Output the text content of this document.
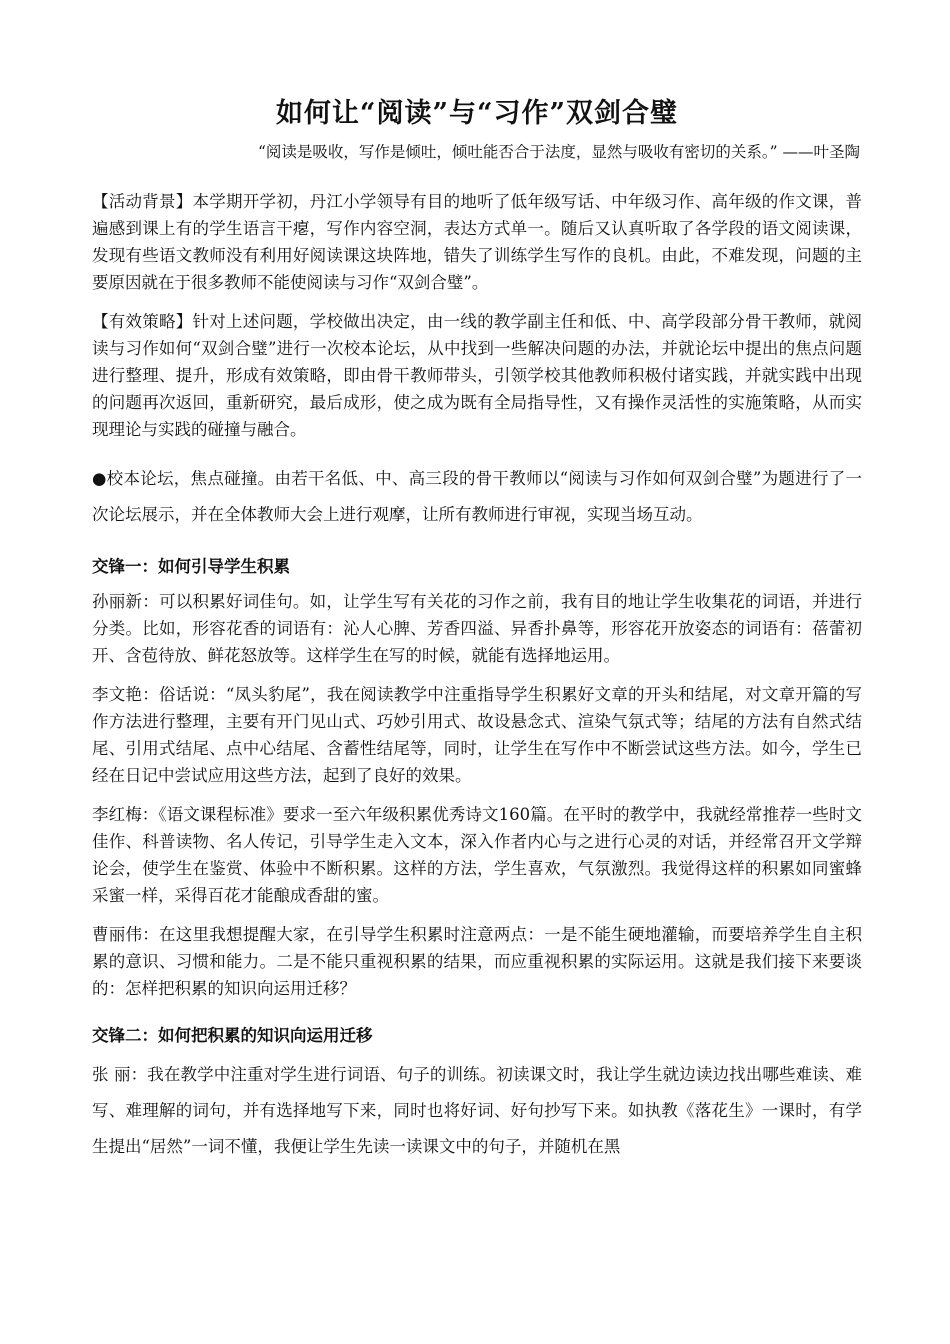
如何让“阅读”与“习作”双剑合璧
“阅读是吸收，写作是倾吐，倾吐能否合于法度，显然与吸收有密切的关系。” ——叶圣陶

【活动背景】本学期开学初，丹江小学领导有目的地听了低年级写话、中年级习作、高年级的作文课，普遍感到课上有的学生语言干瘪，写作内容空洞，表达方式单一。随后又认真听取了各学段的语文阅读课，发现有些语文教师没有利用好阅读课这块阵地，错失了训练学生写作的良机。由此，不难发现，问题的主要原因就在于很多教师不能使阅读与习作“双剑合璧”。

【有效策略】针对上述问题，学校做出决定，由一线的教学副主任和低、中、高学段部分骨干教师，就阅读与习作如何“双剑合璧”进行一次校本论坛，从中找到一些解决问题的办法，并就论坛中提出的焦点问题进行整理、提升，形成有效策略，即由骨干教师带头，引领学校其他教师积极付诸实践，并就实践中出现的问题再次返回，重新研究，最后成形，使之成为既有全局指导性，又有操作灵活性的实施策略，从而实现理论与实践的碰撞与融合。

●校本论坛，焦点碰撞。由若干名低、中、高三段的骨干教师以“阅读与习作如何双剑合璧”为题进行了一次论坛展示，并在全体教师大会上进行观摩，让所有教师进行审视，实现当场互动。

交锋一：如何引导学生积累

孙丽新：可以积累好词佳句。如，让学生写有关花的习作之前，我有目的地让学生收集花的词语，并进行分类。比如，形容花香的词语有：沁人心脾、芳香四溢、异香扑鼻等，形容花开放姿态的词语有：蓓蕾初开、含苞待放、鲜花怒放等。这样学生在写的时候，就能有选择地运用。

李文艳：俗话说：“凤头豹尾”，我在阅读教学中注重指导学生积累好文章的开头和结尾，对文章开篇的写作方法进行整理，主要有开门见山式、巧妙引用式、故设悬念式、渲染气氛式等；结尾的方法有自然式结尾、引用式结尾、点中心结尾、含蓄性结尾等，同时，让学生在写作中不断尝试这些方法。如今，学生已经在日记中尝试应用这些方法，起到了良好的效果。

李红梅：《语文课程标准》要求一至六年级积累优秀诗文160篇。在平时的教学中，我就经常推荐一些时文佳作、科普读物、名人传记，引导学生走入文本，深入作者内心与之进行心灵的对话，并经常召开文学辩论会，使学生在鉴赏、体验中不断积累。这样的方法，学生喜欢，气氛激烈。我觉得这样的积累如同蜜蜂采蜜一样，采得百花才能酿成香甜的蜜。

曹丽伟：在这里我想提醒大家，在引导学生积累时注意两点：一是不能生硬地灌输，而要培养学生自主积累的意识、习惯和能力。二是不能只重视积累的结果，而应重视积累的实际运用。这就是我们接下来要谈的：怎样把积累的知识向运用迁移？

交锋二：如何把积累的知识向运用迁移

张 丽：我在教学中注重对学生进行词语、句子的训练。初读课文时，我让学生就边读边找出哪些难读、难写、难理解的词句，并有选择地写下来，同时也将好词、好句抄写下来。如执教《落花生》一课时，有学生提出“居然”一词不懂，我便让学生先读一读课文中的句子，并随机在黑
